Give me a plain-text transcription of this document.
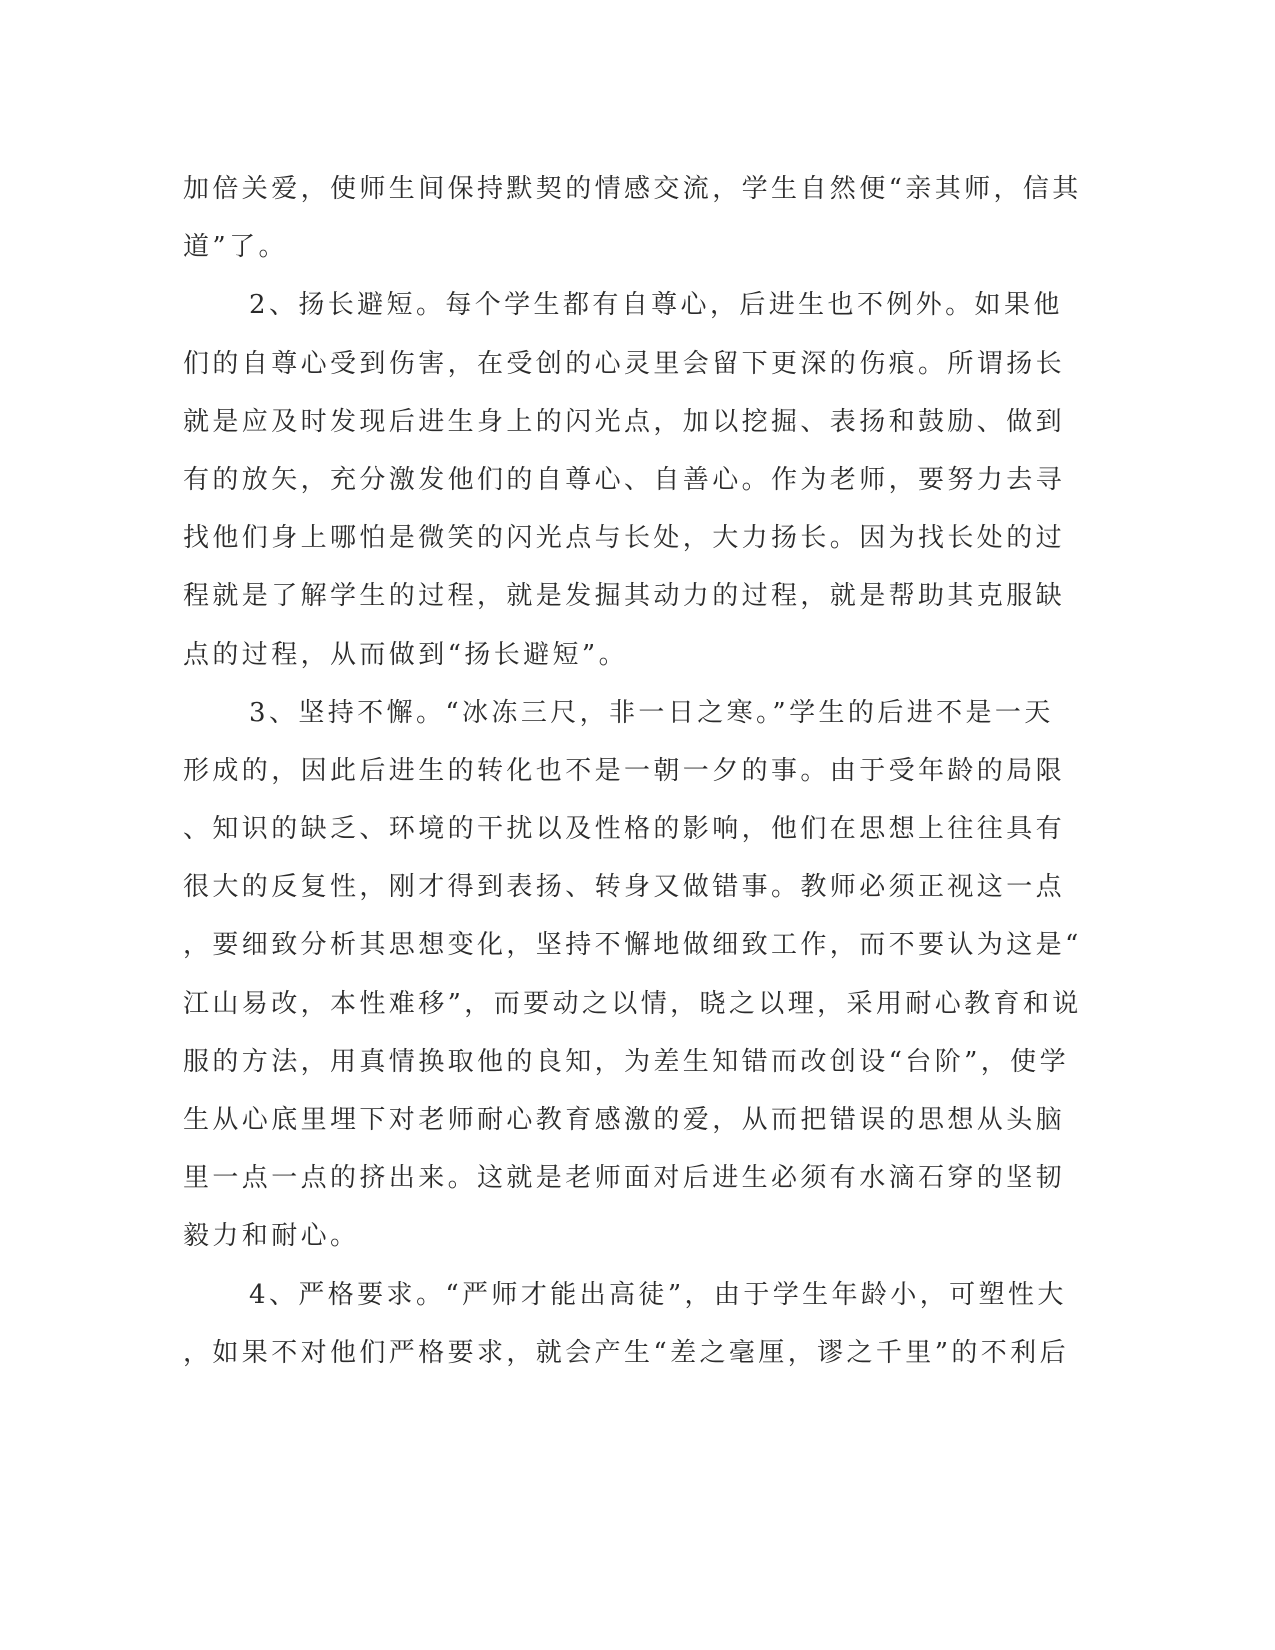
加倍关爱，使师生间保持默契的情感交流，学生自然便“亲其师，信其
道”了。
2、扬长避短。每个学生都有自尊心，后进生也不例外。如果他
们的自尊心受到伤害，在受创的心灵里会留下更深的伤痕。所谓扬长
就是应及时发现后进生身上的闪光点，加以挖掘、表扬和鼓励、做到
有的放矢，充分激发他们的自尊心、自善心。作为老师，要努力去寻
找他们身上哪怕是微笑的闪光点与长处，大力扬长。因为找长处的过
程就是了解学生的过程，就是发掘其动力的过程，就是帮助其克服缺
点的过程，从而做到“扬长避短”。
3、坚持不懈。“冰冻三尺，非一日之寒。”学生的后进不是一天
形成的，因此后进生的转化也不是一朝一夕的事。由于受年龄的局限
、知识的缺乏、环境的干扰以及性格的影响，他们在思想上往往具有
很大的反复性，刚才得到表扬、转身又做错事。教师必须正视这一点
，要细致分析其思想变化，坚持不懈地做细致工作，而不要认为这是“
江山易改，本性难移”，而要动之以情，晓之以理，采用耐心教育和说
服的方法，用真情换取他的良知，为差生知错而改创设“台阶”，使学
生从心底里埋下对老师耐心教育感激的爱，从而把错误的思想从头脑
里一点一点的挤出来。这就是老师面对后进生必须有水滴石穿的坚韧
毅力和耐心。
4、严格要求。“严师才能出高徒”，由于学生年龄小，可塑性大
，如果不对他们严格要求，就会产生“差之毫厘，谬之千里”的不利后
